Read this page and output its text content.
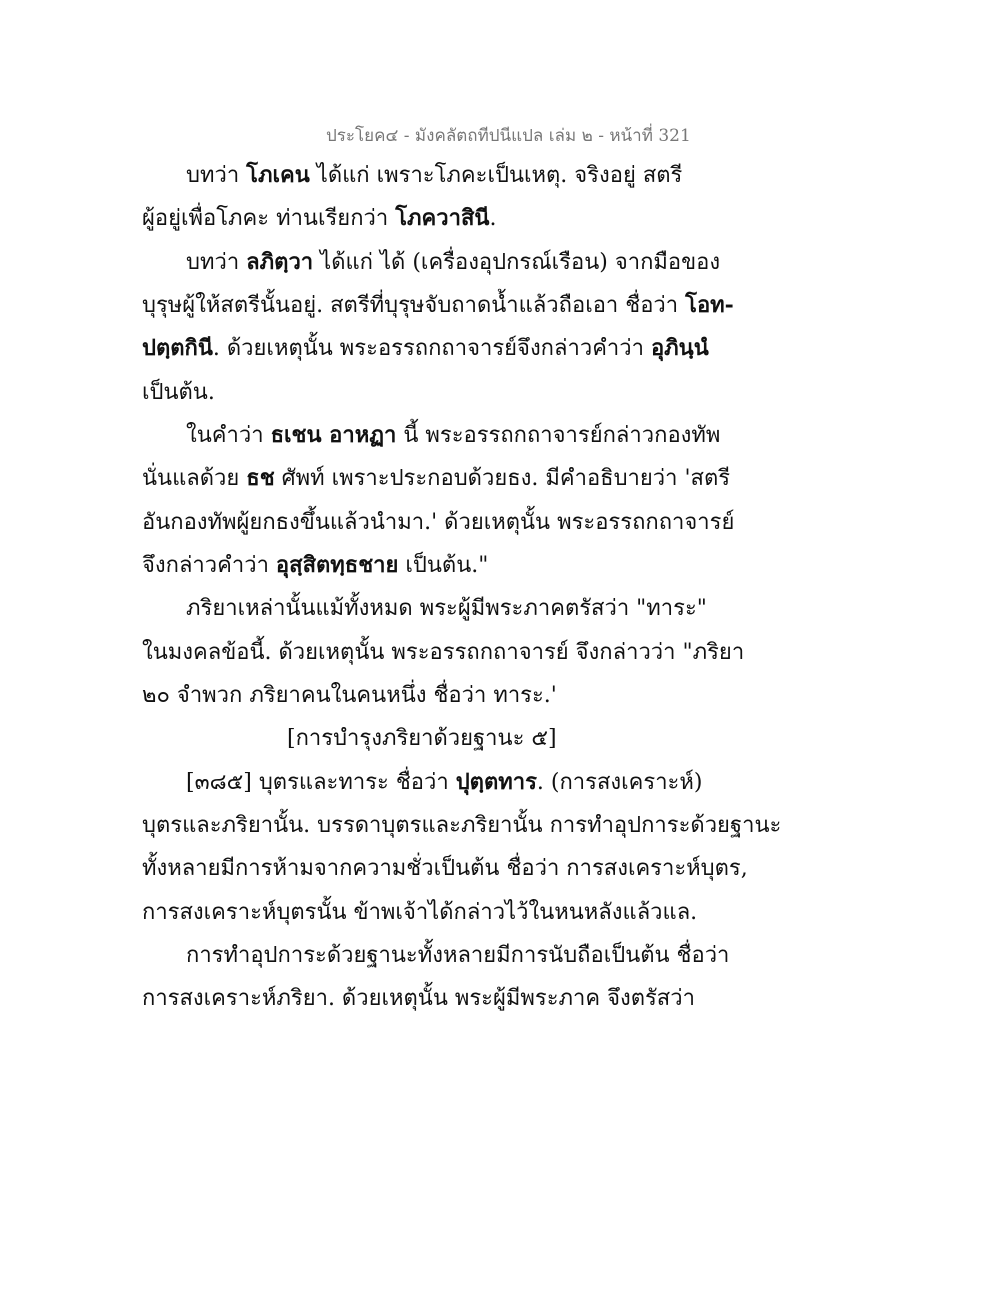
ประโยค๔ - มังคลัตถทีปนีแปล เล่ม ๒ - หน้าที่ 321
บทว่า โภเคน ได้แก่ เพราะโภคะเป็นเหตุ. จริงอยู่ สตรี
ผู้อยู่เพื่อโภคะ ท่านเรียกว่า โภควาสินี.
บทว่า ลภิตฺวา ได้แก่ ได้ (เครื่องอุปกรณ์เรือน) จากมือของ
บุรุษผู้ให้สตรีนั้นอยู่. สตรีที่บุรุษจับถาดน้ำแล้วถือเอา ชื่อว่า โอท-
ปตฺตกินี. ด้วยเหตุนั้น พระอรรถกถาจารย์จึงกล่าวคำว่า อุภินฺนํ
เป็นต้น.
ในคำว่า ธเชน อาหฏา นี้ พระอรรถกถาจารย์กล่าวกองทัพ
นั่นแลด้วย ธช ศัพท์ เพราะประกอบด้วยธง. มีคำอธิบายว่า 'สตรี
อันกองทัพผู้ยกธงขึ้นแล้วนำมา.' ด้วยเหตุนั้น พระอรรถกถาจารย์
จึงกล่าวคำว่า อุสฺสิตทฺธชาย เป็นต้น."
ภริยาเหล่านั้นแม้ทั้งหมด พระผู้มีพระภาคตรัสว่า "ทาระ"
ในมงคลข้อนี้. ด้วยเหตุนั้น พระอรรถกถาจารย์ จึงกล่าวว่า "ภริยา
๒๐ จำพวก ภริยาคนในคนหนึ่ง ชื่อว่า ทาระ.'
[การบำรุงภริยาด้วยฐานะ ๕]
[๓๘๕] บุตรและทาระ ชื่อว่า ปุตฺตทาร. (การสงเคราะห์)
บุตรและภริยานั้น. บรรดาบุตรและภริยานั้น การทำอุปการะด้วยฐานะ
ทั้งหลายมีการห้ามจากความชั่วเป็นต้น ชื่อว่า การสงเคราะห์บุตร,
การสงเคราะห์บุตรนั้น ข้าพเจ้าได้กล่าวไว้ในหนหลังแล้วแล.
การทำอุปการะด้วยฐานะทั้งหลายมีการนับถือเป็นต้น ชื่อว่า
การสงเคราะห์ภริยา. ด้วยเหตุนั้น พระผู้มีพระภาค จึงตรัสว่า
